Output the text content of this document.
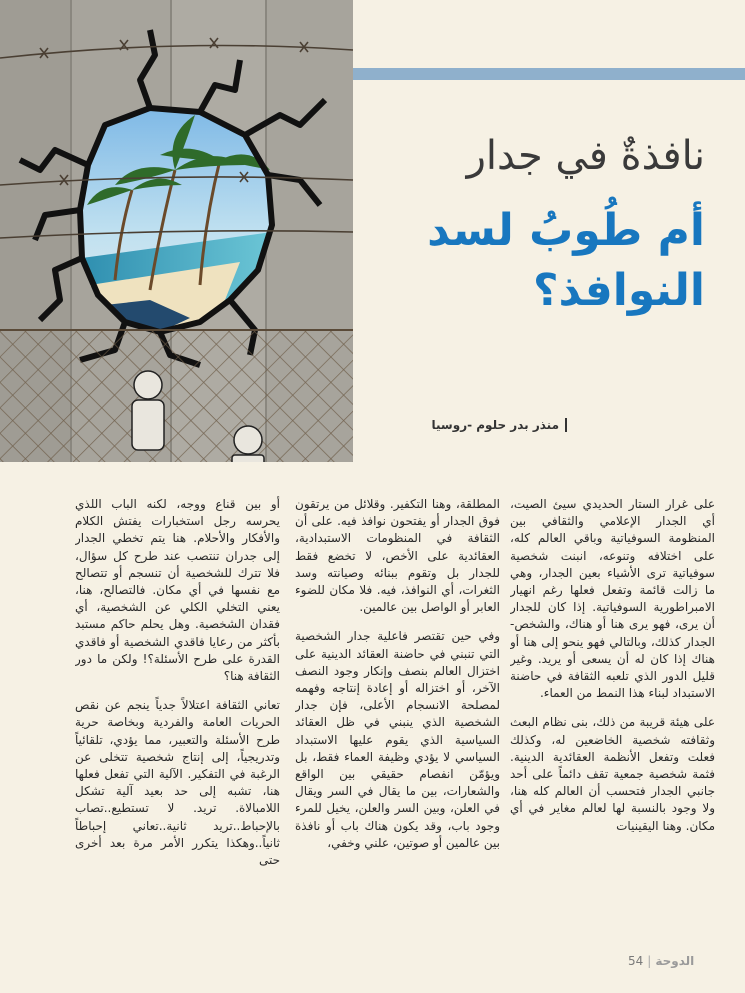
نافذةٌ في جدار
أم طُوبُ لسد
النوافذ؟
منذر بدر حلوم -روسيا

على غرار الستار الحديدي سيئ الصيت، أي الجدار الإعلامي والثقافي بين المنظومة السوفياتية وباقي العالم كله، على اختلافه وتنوعه، انبنت شخصية سوفياتية ترى الأشياء بعين الجدار، وهي ما زالت قائمة وتفعل فعلها رغم انهيار الامبراطورية السوفياتية. إذا كان للجدار أن يرى، فهو يرى هنا أو هناك، والشخص-الجدار كذلك، وبالتالي فهو ينحو إلى هنا أو هناك إذا كان له أن يسعى أو يريد. وغير قليل الدور الذي تلعبه الثقافة في حاضنة الاستبداد لبناء هذا النمط من العماء.

على هيئة قريبة من ذلك، بنى نظام البعث وثقافته شخصية الخاضعين له، وكذلك فعلت وتفعل الأنظمة العقائدية الدينية. فثمة شخصية جمعية تقف دائماً على أحد جانبي الجدار فتحسب أن العالم كله هنا، ولا وجود بالنسبة لها لعالم مغاير في أي مكان. وهنا اليقينيات

المطلقة، وهنا التكفير. وقلائل من يرتقون فوق الجدار أو يفتحون نوافذ فيه. على أن الثقافة في المنظومات الاستبدادية، العقائدية على الأخص، لا تخضع فقط للجدار بل وتقوم ببنائه وصيانته وسد الثغرات، أي النوافذ، فيه. فلا مكان للضوء العابر أو الواصل بين عالمين.

وفي حين تقتصر فاعلية جدار الشخصية التي تنبني في حاضنة العقائد الدينية على اختزال العالم بنصف وإنكار وجود النصف الآخر، أو اختزاله أو إعادة إنتاجه وفهمه لمصلحة الانسجام الأعلى، فإن جدار الشخصية الذي ينبني في ظل العقائد السياسية الذي يقوم عليها الاستبداد السياسي لا يؤدي وظيفة العماء فقط، بل ويؤمّن انفصام حقيقي بين الواقع والشعارات، بين ما يقال في السر ويقال في العلن، وبين السر والعلن، يخيل للمرء وجود باب، وقد يكون هناك باب أو نافذة بين عالمين أو صوتين، علني وخفي،

أو بين قناع ووجه، لكنه الباب اللذي يحرسه رجل استخبارات يفتش الكلام والأفكار والأحلام. هنا يتم تخطي الجدار إلى جدران تنتصب عند طرح كل سؤال، فلا تترك للشخصية أن تنسجم أو تتصالح مع نفسها في أي مكان. فالتصالح، هنا، يعني التخلي الكلي عن الشخصية، أي فقدان الشخصية. وهل يحلم حاكم مستبد بأكثر من رعايا فاقدي الشخصية أو فاقدي القدرة على طرح الأسئلة؟! ولكن ما دور الثقافة هنا؟

تعاني الثقافة اعتلالاً جدياً ينجم عن نقص الحريات العامة والفردية وبخاصة حرية طرح الأسئلة والتعبير، مما يؤدي، تلقائياً وتدريجياً، إلى إنتاج شخصية تتخلى عن الرغبة في التفكير. الآلية التي تفعل فعلها هنا، تشبه إلى حد بعيد آلية تشكل اللامبالاة. تريد. لا تستطيع..تصاب بالإحباط..تريد ثانية..تعاني إحباطاً ثانياً..وهكذا يتكرر الأمر مرة بعد أخرى حتى

الدوحة|54
